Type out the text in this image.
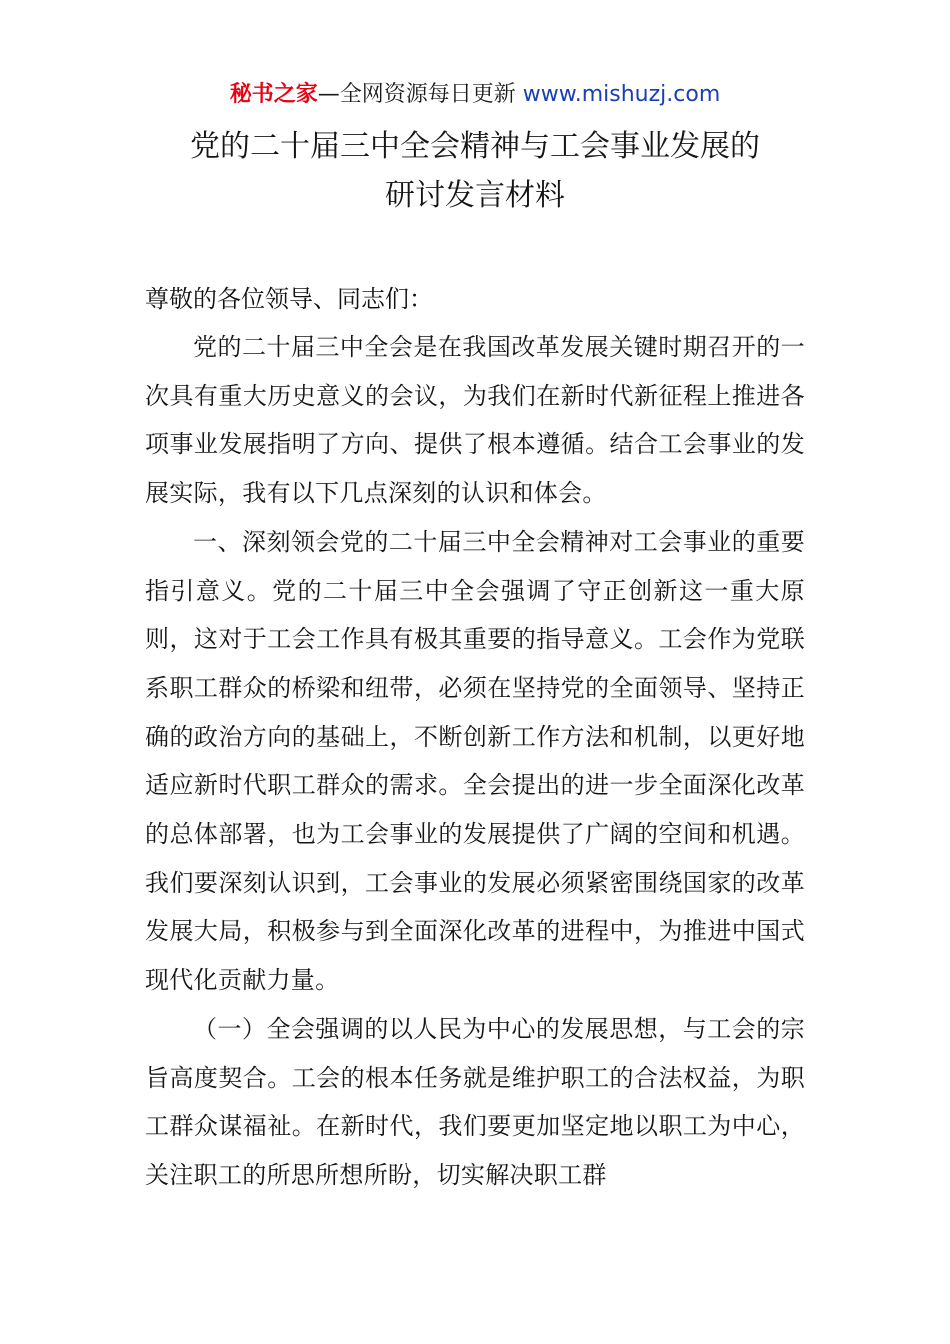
秘书之家—全网资源每日更新 www.mishuzj.com
党的二十届三中全会精神与工会事业发展的
研讨发言材料
尊敬的各位领导、同志们：

党的二十届三中全会是在我国改革发展关键时期召开的一次具有重大历史意义的会议，为我们在新时代新征程上推进各项事业发展指明了方向、提供了根本遵循。结合工会事业的发展实际，我有以下几点深刻的认识和体会。

一、深刻领会党的二十届三中全会精神对工会事业的重要指引意义。党的二十届三中全会强调了守正创新这一重大原则，这对于工会工作具有极其重要的指导意义。工会作为党联系职工群众的桥梁和纽带，必须在坚持党的全面领导、坚持正确的政治方向的基础上，不断创新工作方法和机制，以更好地适应新时代职工群众的需求。全会提出的进一步全面深化改革的总体部署，也为工会事业的发展提供了广阔的空间和机遇。我们要深刻认识到，工会事业的发展必须紧密围绕国家的改革发展大局，积极参与到全面深化改革的进程中，为推进中国式现代化贡献力量。

（一）全会强调的以人民为中心的发展思想，与工会的宗旨高度契合。工会的根本任务就是维护职工的合法权益，为职工群众谋福祉。在新时代，我们要更加坚定地以职工为中心，关注职工的所思所想所盼，切实解决职工群
